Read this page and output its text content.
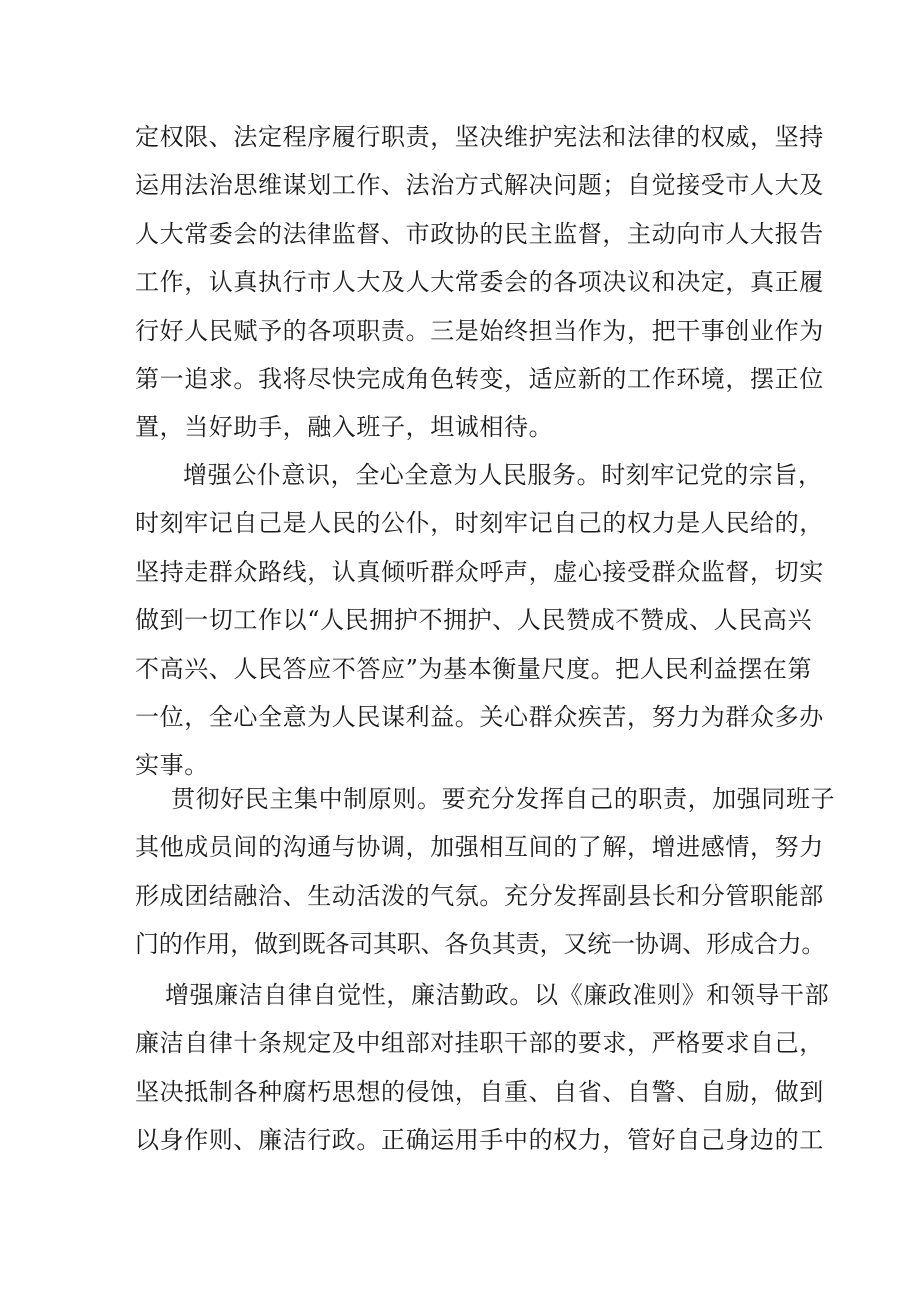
定权限、法定程序履行职责，坚决维护宪法和法律的权威，坚持
运用法治思维谋划工作、法治方式解决问题；自觉接受市人大及
人大常委会的法律监督、市政协的民主监督，主动向市人大报告
工作，认真执行市人大及人大常委会的各项决议和决定，真正履
行好人民赋予的各项职责。三是始终担当作为，把干事创业作为
第一追求。我将尽快完成角色转变，适应新的工作环境，摆正位
置，当好助手，融入班子，坦诚相待。
增强公仆意识，全心全意为人民服务。时刻牢记党的宗旨，
时刻牢记自己是人民的公仆，时刻牢记自己的权力是人民给的，
坚持走群众路线，认真倾听群众呼声，虚心接受群众监督，切实
做到一切工作以“人民拥护不拥护、人民赞成不赞成、人民高兴
不高兴、人民答应不答应”为基本衡量尺度。把人民利益摆在第
一位，全心全意为人民谋利益。关心群众疾苦，努力为群众多办
实事。
贯彻好民主集中制原则。要充分发挥自己的职责，加强同班子
其他成员间的沟通与协调，加强相互间的了解，增进感情，努力
形成团结融洽、生动活泼的气氛。充分发挥副县长和分管职能部
门的作用，做到既各司其职、各负其责，又统一协调、形成合力。
增强廉洁自律自觉性，廉洁勤政。以《廉政准则》和领导干部
廉洁自律十条规定及中组部对挂职干部的要求，严格要求自己，
坚决抵制各种腐朽思想的侵蚀，自重、自省、自警、自励，做到
以身作则、廉洁行政。正确运用手中的权力，管好自己身边的工
